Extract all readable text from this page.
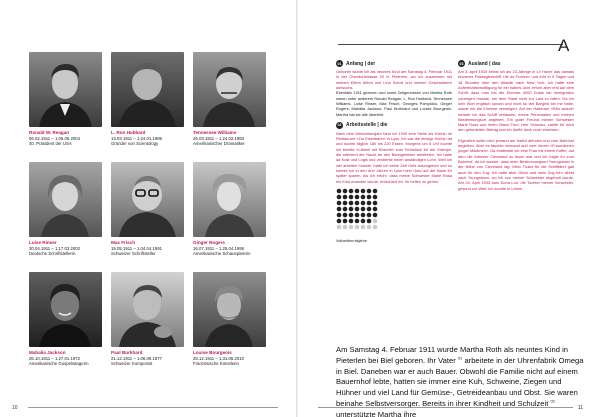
Ronald W. Reagan
06.02.1911 – 1.05.06.2004
40. Präsident der USA
L. Ron Hubbard
13.03.1911 – 1.24.01.1986
Gründer von Scientology
Tennessee Williams
26.03.1911 – 1.24.02.1983
Amerikanischer Dramatiker
Luise Rinser
30.04.1911 – 1.17.03.2002
Deutsche Schriftstellerin
Max Frisch
15.05.1911 – 1.04.04.1991
Schweizer Schriftsteller
Ginger Rogers
16.07.1911 – 1.25.04.1995
Amerikanische Schauspielerin
Mahalia Jackson
26.10.1911 – 1.27.01.1972
Amerikanische Gospelsängerin
Paul Burkhard
21.12.1911 – 1.06.09.1977
Schweizer Komponist
Louise Bourgeois
25.12.1911 – 1.31.05.2010
Französische Künstlerin
10
A
01 Anfang | der

Geboren wurde ich als neuntes Kind am Samstag 4. Februar 1911 in der Oberdorfstrasse 20 in Pieterlen, wo ich zusammen mit meinen Eltern Alfred und Lina Scholl und meinen Geschwistern aufwuchs.

Ebenfalls 1911 geboren und somit Zeitgenossen von Martha Roth waren unter anderem Ronald Reagan, L. Ron Hubbard, Tennessee Williams, Luise Rinser, Max Frisch, Georges Pompidou, Ginger Rogers, Mahalia Jackson, Paul Burkhard und Louise Bourgeois. Martha hat sie alle überlebt.

02 Arbeitsstelle | die

Nach dem Welschlandjahr fand ich 1930 eine Stelle als Köchin im Restaurant »Zur Eisenbahn« in Lyss. Ich war die einzige Köchin da und kochte täglich 180 bis 220 Essen. Morgens um 6 Uhr kochte ich bereits »Läberli mit Röschti« zum Frühstück für die Grampe, die während der Nacht an den Bahngeleisen arbeiteten. Ich hatte da Kost und Logis und verdiente einen anständigen Lohn. Weil ich viel arbeiten musste, hatte ich keine Zeit Geld auszugeben und so konnte ich in den drei Jahren in Lyss mein Geld auf der Bank für später sparen. Als ich erfuhr, dass meine Schwester Marie Rosa ein Kind erwarten würde, entschied ich, ihr helfen zu gehen.

Vollzeitberufsjahre
03 Ausland | das

Am 3. April 1933 betrat ich als 23-Jährige in Le Havre das damals moderne Passagierschiff »Ile de France« und fuhr in 5 Tagen und 18 Stunden über den Atlantik nach New York. Ich hatte eine Aufenthaltsbewilligung für ein halbes Jahr, erfuhr aber erst auf dem Schiff, dass man bei der Einreise 4000 Dollar bei Immigration vorzeigen musste, um dem Staat nicht zur Last zu fallen. Da ich kein Wort englisch sprach und nicht so viel Bargeld bei mir hatte, wurde mir die Einreise verweigert. Auf der Halbinsel »Ellis Island« musste ich das Schiff verlassen, meine Personalien und meinen Bestimmungsort angeben. Ein guter Freund meiner Schwester Marie Rosa und ihrem Mann Fred, Herr Schwarz, zahlte für mich den geforderten Betrag und ich durfte doch noch einreisen.

Eigentlich sollte mich jemand am Hafen abholen und zum Bahnhof begleiten. Aber es tauchte niemand auf! vom Verein »Freundinnen junger Mädchen«. Da entdeckte ich eine Frau mit einem Koffer, auf dem die Adresse Cleveland zu lesen war und ich folgte ihr zum Bahnhof, da ich wusste, dass mein Bestimmungsort Youngstown in der Nähe von Cleveland lag. Mein Ticket für die Schifffahrt galt auch für den Zug. Ich hatte aber Glück und mein Zug fuhr direkt nach Youngstown, wo ich von meiner Schwester abgeholt wurde. Am 24. April 1933 kam Dona Lou, die Tochter meiner Schwester, gesund zur Welt. Ich konnte in Leben.

Am Samstag 4. Februar 1911 wurde Martha Roth als neuntes Kind in Pieterlen bei Biel geboren. Ihr Vater $^{01}$ arbeitete in der Uhrenfabrik Omega in Biel. Daneben war er auch Bauer. Obwohl die Familie nicht auf einem Bauernhof lebte, hatten sie immer eine Kuh, Schweine, Ziegen und Hühner und viel Land für Gemüse-, Getreideanbau und Obst. Sie waren beinahe Selbstversorger. Bereits in ihrer Kindheit und Schulzeit $^{02}$ unterstützte Martha ihre
11
